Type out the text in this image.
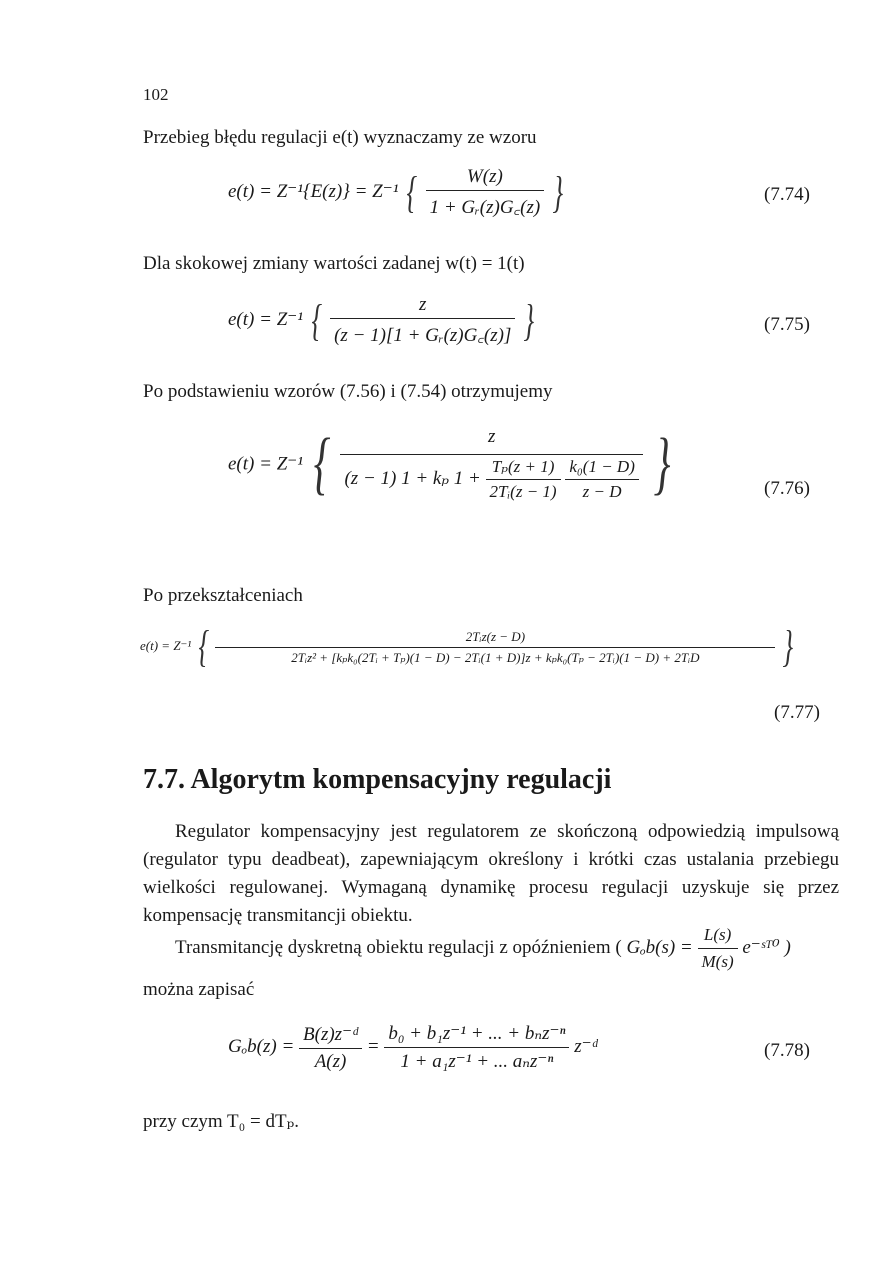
102
Przebieg błędu regulacji e(t) wyznaczamy ze wzoru
e(t) = Z⁻¹{E(z)} = Z⁻¹ { $\frac{W(z)}{\text{1 + Gᵣ(z)G꜀(z)}}$ }	(7.74)
Dla skokowej zmiany wartości zadanej w(t) = 1(t)
e(t) = Z⁻¹ { $\frac{z}{\text{(z − 1)[1 + Gᵣ(z)G꜀(z)]}}$ }	(7.75)
Po podstawieniu wzorów (7.56) i (7.54) otrzymujemy
e(t) = Z⁻¹ {	z
(z − 1) 1 + kₚ $1 + \frac{\text{Tₚ(z + 1)}}{\text{2Tᵢ(z − 1)}}$
$\frac{\text{k₀(1 − D)}}{z - D}$ }	(7.76)
Po przekształceniach
e(t) = Z⁻¹ {	2Tᵢz(z − D)
2Tᵢz² + [kₚk₀(2Tᵢ + Tₚ)(1 − D) − 2Tᵢ(1 + D)]z + kₚk₀(Tₚ − 2Tᵢ)(1 − D) + 2TᵢD	}
(7.77)
7.7. Algorytm kompensacyjny regulacji
Regulator kompensacyjny jest regulatorem ze skończoną odpowiedzią impulsową (regulator typu deadbeat), zapewniającym określony i krótki czas ustalania przebiegu wielkości regulowanej. Wymaganą dynamikę procesu regulacji uzyskuje się przez kompensację transmitancji obiektu.
Transmitancję dyskretną obiektu regulacji z opóźnieniem ( $G_ob(s) = \frac{L(s)}{M(s)}$ e⁻ˢᵀ⁰ )
można zapisać
$G_ob(z) = \frac{\text{B(z)z⁻ᵈ}}{A(z)} = \frac{\text{b₀ + b₁z⁻¹ + ... + bₙz⁻ⁿ}}{\text{1 + a₁z⁻¹ + ... aₙz⁻ⁿ}}$ z⁻ᵈ	(7.78)
przy czym T₀ = dTₚ.
